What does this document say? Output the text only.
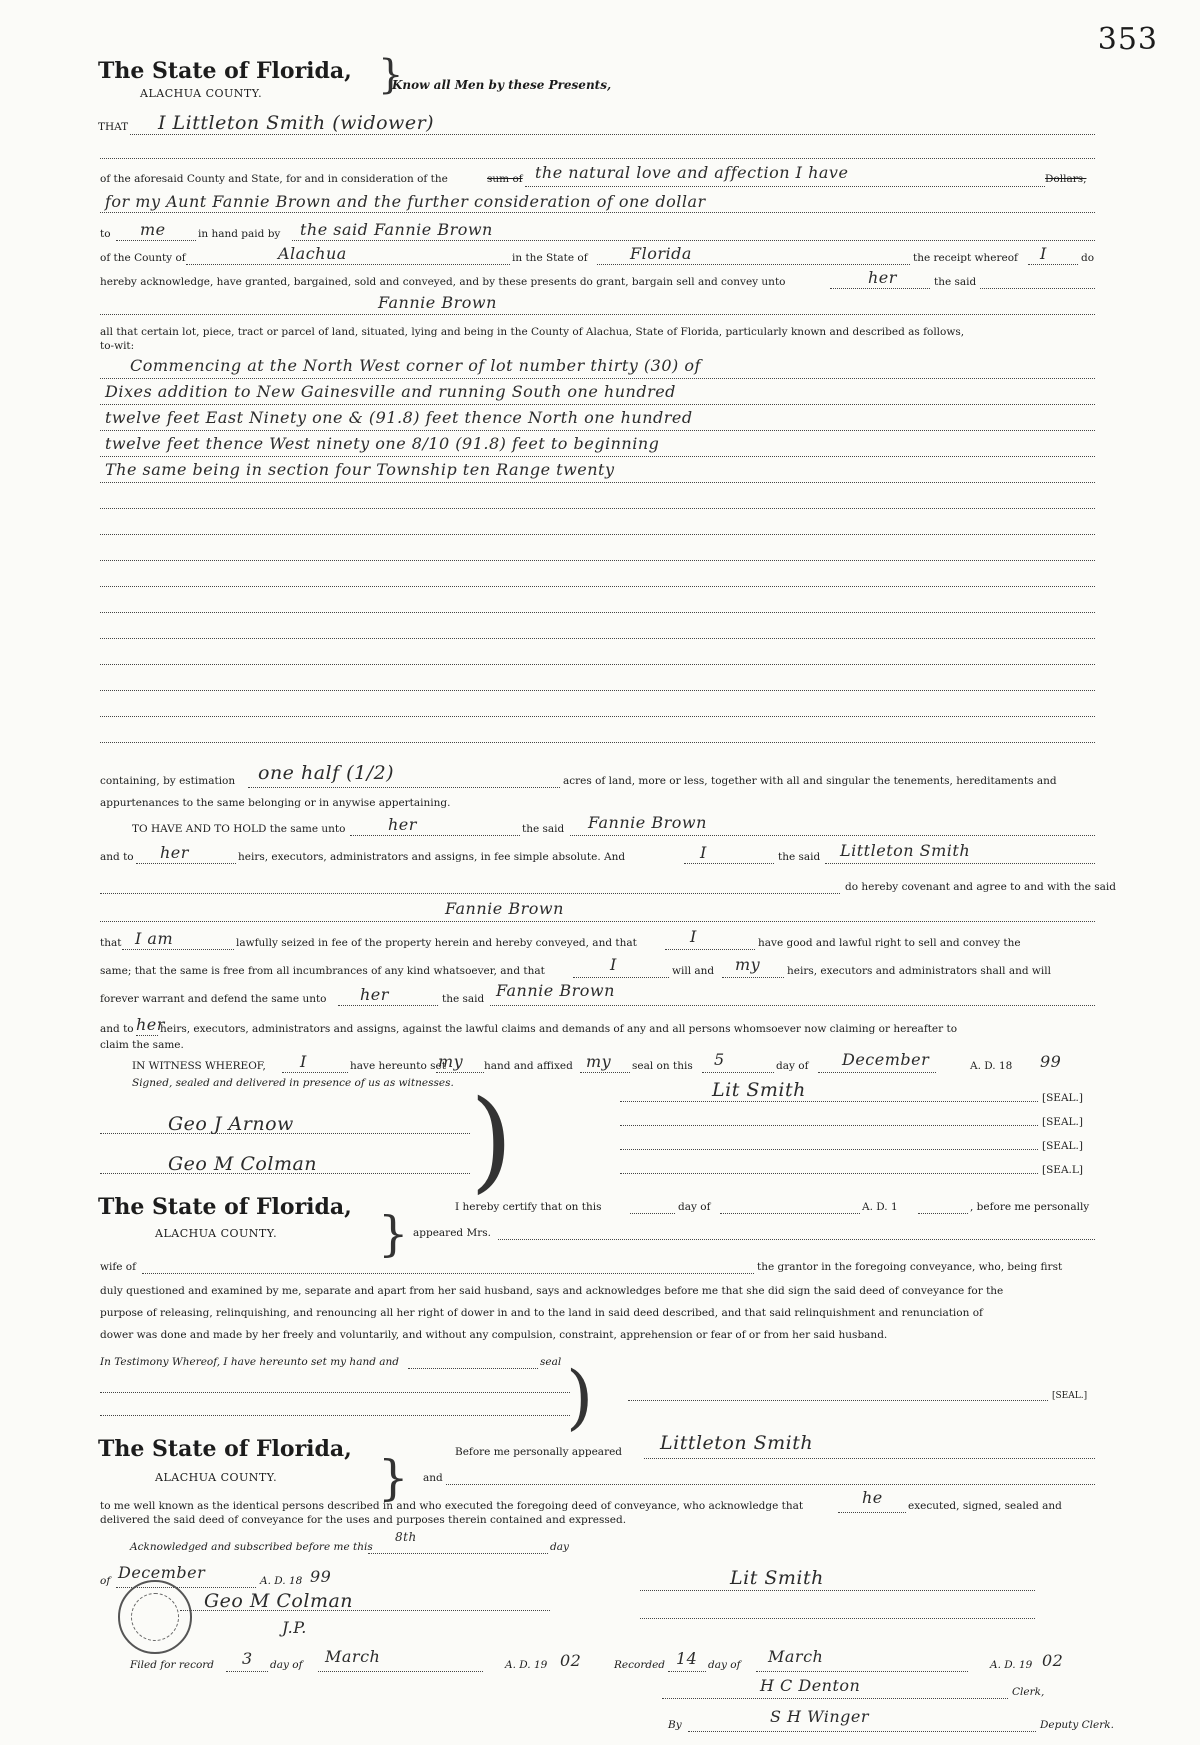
353
The State of Florida,
ALACHUA COUNTY.	}
Know all Men by these Presents,
THAT I Littleton Smith (widower)
of the aforesaid County and State, for and in consideration of the	sum of the natural love and affection I have	Dollars,
for my Aunt Fannie Brown and the further consideration of one dollar
to me	in hand paid by the said Fannie Brown
of the County of	Alachua	in the State of	Florida	the receipt whereof I	do
hereby acknowledge, have granted, bargained, sold and conveyed, and by these presents do grant, bargain sell and convey unto	her	the said
Fannie Brown
all that certain lot, piece, tract or parcel of land, situated, lying and being in the County of Alachua, State of Florida, particularly known and described as follows,
to-wit:
Commencing at the North West corner of lot number thirty (30) of
Dixes addition to New Gainesville and running South one hundred
twelve feet East Ninety one & (91.8) feet thence North one hundred
twelve feet thence West ninety one 8/10 (91.8) feet to beginning
The same being in section four Township ten Range twenty
containing, by estimation one half (1/2)	acres of land, more or less, together with all and singular the tenements, hereditaments and
appurtenances to the same belonging or in anywise appertaining.
TO HAVE AND TO HOLD the same unto	her	the said Fannie Brown
and to her	heirs, executors, administrators and assigns, in fee simple absolute. And	I	the said Littleton Smith
do hereby covenant and agree to and with the said
Fannie Brown
that I am	lawfully seized in fee of the property herein and hereby conveyed, and that	I	have good and lawful right to sell and convey the
same; that the same is free from all incumbrances of any kind whatsoever, and that	I	will and my	heirs, executors and administrators shall and will
forever warrant and defend the same unto her	the said Fannie Brown
and to her
heirs, executors, administrators and assigns, against the lawful claims and demands of any and all persons whomsoever now claiming or hereafter to
claim the same.
IN WITNESS WHEREOF, I	have hereunto set
my hand and affixed my seal on this 5	day of December	A. D. 18 99
Signed, sealed and delivered in presence of us as witnesses.
Geo J Arnow
Geo M Colman )	Lit Smith	[SEAL.]
[SEAL.]
[SEAL.]
[SEA.L]
The State of Florida,
ALACHUA COUNTY. }	I hereby certify that on this	day of	A. D. 1	, before me personally
appeared Mrs.
wife of	the grantor in the foregoing conveyance, who, being first
duly questioned and examined by me, separate and apart from her said husband, says and acknowledges before me that she did sign the said deed of conveyance for the
purpose of releasing, relinquishing, and renouncing all her right of dower in and to the land in said deed described, and that said relinquishment and renunciation of
dower was done and made by her freely and voluntarily, and without any compulsion, constraint, apprehension or fear of or from her said husband.
In Testimony Whereof, I have hereunto set my hand and	seal )	[SEAL.]
The State of Florida,
ALACHUA COUNTY. }	Before me personally appeared Littleton Smith
and
to me well known as the identical persons described in and who executed the foregoing deed of conveyance, who acknowledge that	he executed, signed, sealed and
delivered the said deed of conveyance for the uses and purposes therein contained and expressed.
Acknowledged and subscribed before me this
8th
day
of December	A. D. 18 99
Geo M Colman
J.P.
Lit Smith
Filed for record 3 day of March	A. D. 19 02	Recorded 14 day of March	A. D. 19 02
H C Denton	Clerk,
By	S H Winger	Deputy Clerk.
